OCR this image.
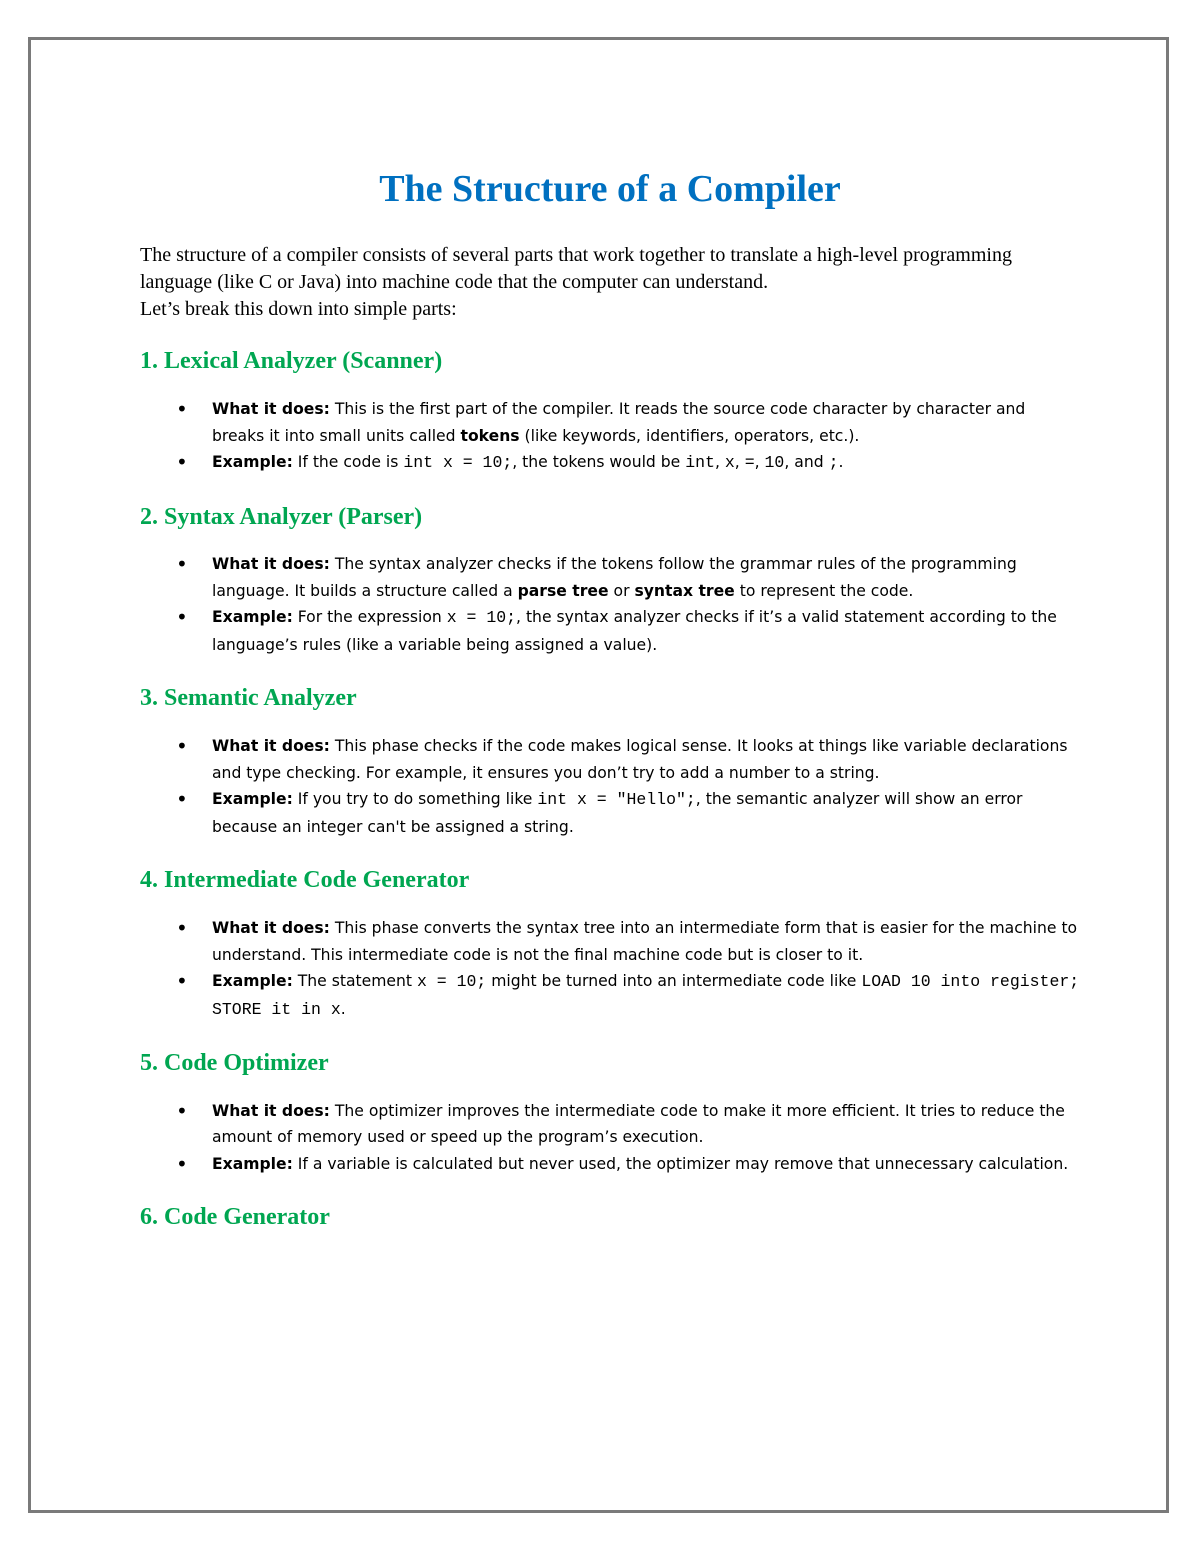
The Structure of a Compiler
The structure of a compiler consists of several parts that work together to translate a high-level programming language (like C or Java) into machine code that the computer can understand.
Let’s break this down into simple parts:
1. Lexical Analyzer (Scanner)
• What it does: This is the first part of the compiler. It reads the source code character by character and breaks it into small units called tokens (like keywords, identifiers, operators, etc.).
• Example: If the code is int x = 10;, the tokens would be int, x, =, 10, and ;.
2. Syntax Analyzer (Parser)
• What it does: The syntax analyzer checks if the tokens follow the grammar rules of the programming language. It builds a structure called a parse tree or syntax tree to represent the code.
• Example: For the expression x = 10;, the syntax analyzer checks if it’s a valid statement according to the language’s rules (like a variable being assigned a value).
3. Semantic Analyzer
• What it does: This phase checks if the code makes logical sense. It looks at things like variable declarations and type checking. For example, it ensures you don’t try to add a number to a string.
• Example: If you try to do something like int x = "Hello";, the semantic analyzer will show an error because an integer can't be assigned a string.
4. Intermediate Code Generator
• What it does: This phase converts the syntax tree into an intermediate form that is easier for the machine to understand. This intermediate code is not the final machine code but is closer to it.
• Example: The statement x = 10; might be turned into an intermediate code like LOAD 10 into register; STORE it in x.
5. Code Optimizer
• What it does: The optimizer improves the intermediate code to make it more efficient. It tries to reduce the amount of memory used or speed up the program’s execution.
• Example: If a variable is calculated but never used, the optimizer may remove that unnecessary calculation.
6. Code Generator
